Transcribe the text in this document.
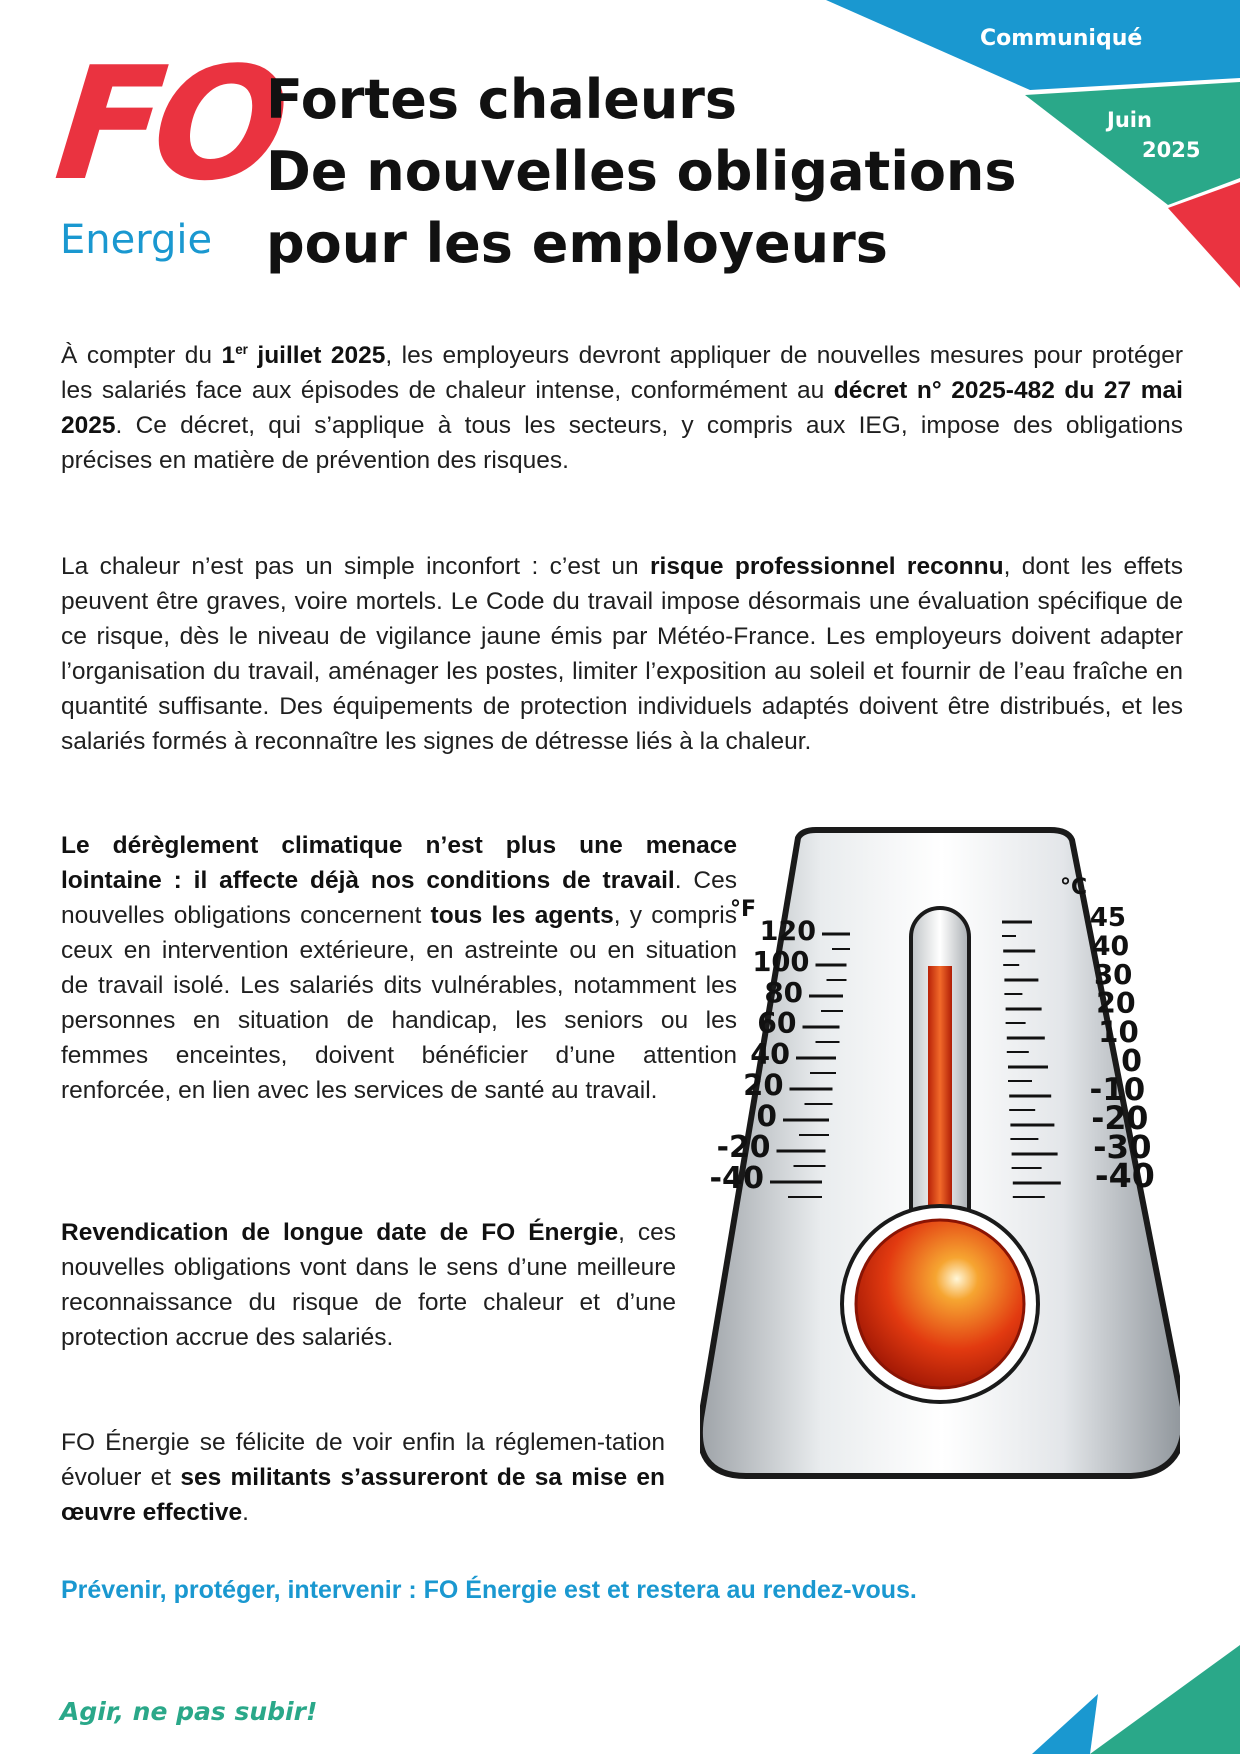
Communiqué
Juin
2025
FO
Energie
Fortes chaleurs
De nouvelles obligations
pour les employeurs

À compter du 1er juillet 2025, les employeurs devront appliquer de nouvelles mesures pour protéger les salariés face aux épisodes de chaleur intense, conformément au décret n° 2025-482 du 27 mai 2025. Ce décret, qui s’applique à tous les secteurs, y compris aux IEG, impose des obligations précises en matière de prévention des risques.

La chaleur n’est pas un simple inconfort : c’est un risque professionnel reconnu, dont les effets peuvent être graves, voire mortels. Le Code du travail impose désormais une évaluation spécifique de ce risque, dès le niveau de vigilance jaune émis par Météo-France. Les employeurs doivent adapter l’organisation du travail, aménager les postes, limiter l’exposition au soleil et fournir de l’eau fraîche en quantité suffisante. Des équipements de protection individuels adaptés doivent être distribués, et les salariés formés à reconnaître les signes de détresse liés à la chaleur.

Le dérèglement climatique n’est plus une menace lointaine : il affecte déjà nos conditions de travail. Ces nouvelles obligations concernent tous les agents, y compris ceux en intervention extérieure, en astreinte ou en situation de travail isolé. Les salariés dits vulnérables, notamment les personnes en situation de handicap, les seniors ou les femmes enceintes, doivent bénéficier d’une attention renforcée, en lien avec les services de santé au travail.

Revendication de longue date de FO Énergie, ces nouvelles obligations vont dans le sens d’une meilleure reconnaissance du risque de forte chaleur et d’une protection accrue des salariés.

FO Énergie se félicite de voir enfin la réglemen-tation évoluer et ses militants s’assureront de sa mise en œuvre effective.

°F
°C
120
100
80
60
40
20
0
-20
-40
45
40
30
20
10
0
-10
-20
-30
-40

Prévenir, protéger, intervenir : FO Énergie est et restera au rendez-vous.

Agir, ne pas subir!
